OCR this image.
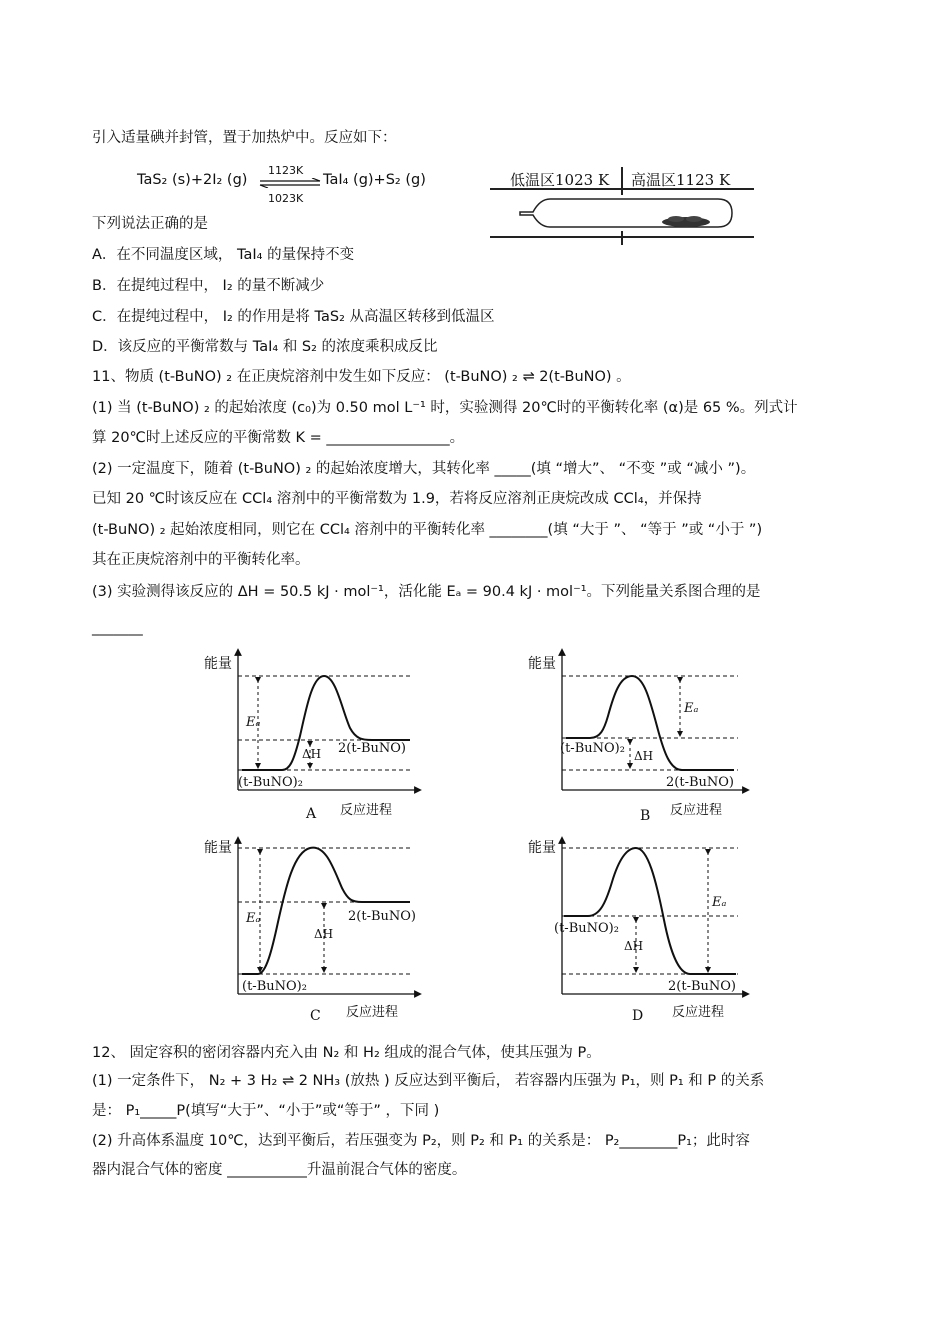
引入适量碘并封管，置于加热炉中。反应如下：
TaS₂ (s)+2I₂ (g)
1123K
TaI₄ (g)+S₂ (g)
1023K
低温区1023 K 高温区1123 K
下列说法正确的是
A．在不同温度区域， TaI₄ 的量保持不变
B．在提纯过程中， I₂ 的量不断减少
C．在提纯过程中， I₂ 的作用是将 TaS₂ 从高温区转移到低温区
D．该反应的平衡常数与 TaI₄ 和 S₂ 的浓度乘积成反比
11、物质 (t-BuNO) ₂ 在正庚烷溶剂中发生如下反应： (t-BuNO) ₂ ⇌ 2(t-BuNO) 。
(1) 当 (t-BuNO) ₂ 的起始浓度 (c₀)为 0.50 mol L⁻¹ 时，实验测得 20℃时的平衡转化率 (α)是 65 %。列式计
算 20℃时上述反应的平衡常数 K = _________________。
(2) 一定温度下，随着 (t-BuNO) ₂ 的起始浓度增大，其转化率 _____(填 “增大”、 “不变 ”或 “减小 ”)。
已知 20 ℃时该反应在 CCl₄ 溶剂中的平衡常数为 1.9，若将反应溶剂正庚烷改成 CCl₄，并保持
(t-BuNO) ₂ 起始浓度相同，则它在 CCl₄ 溶剂中的平衡转化率 ________(填 “大于 ”、 “等于 ”或 “小于 ”)
其在正庚烷溶剂中的平衡转化率。
(3) 实验测得该反应的 ΔH = 50.5 kJ · mol⁻¹，活化能 Eₐ = 90.4 kJ · mol⁻¹。下列能量关系图合理的是
_______
能量
Eₐ
ΔH 2(t-BuNO)
(t-BuNO)₂
A 反应进程
能量
Eₐ
ΔH
(t-BuNO)₂
2(t-BuNO)
B 反应进程
能量
Eₐ
ΔH
2(t-BuNO)
(t-BuNO)₂
C 反应进程
能量
Eₐ
ΔH
(t-BuNO)₂
2(t-BuNO)
D 反应进程
12、 固定容积的密闭容器内充入由 N₂ 和 H₂ 组成的混合气体，使其压强为 P。
(1) 一定条件下， N₂ + 3 H₂ ⇌ 2 NH₃ (放热 ) 反应达到平衡后， 若容器内压强为 P₁，则 P₁ 和 P 的关系
是： P₁_____P(填写“大于”、“小于”或“等于” ，下同 )
(2) 升高体系温度 10℃，达到平衡后，若压强变为 P₂，则 P₂ 和 P₁ 的关系是： P₂________P₁；此时容
器内混合气体的密度 ___________升温前混合气体的密度。
